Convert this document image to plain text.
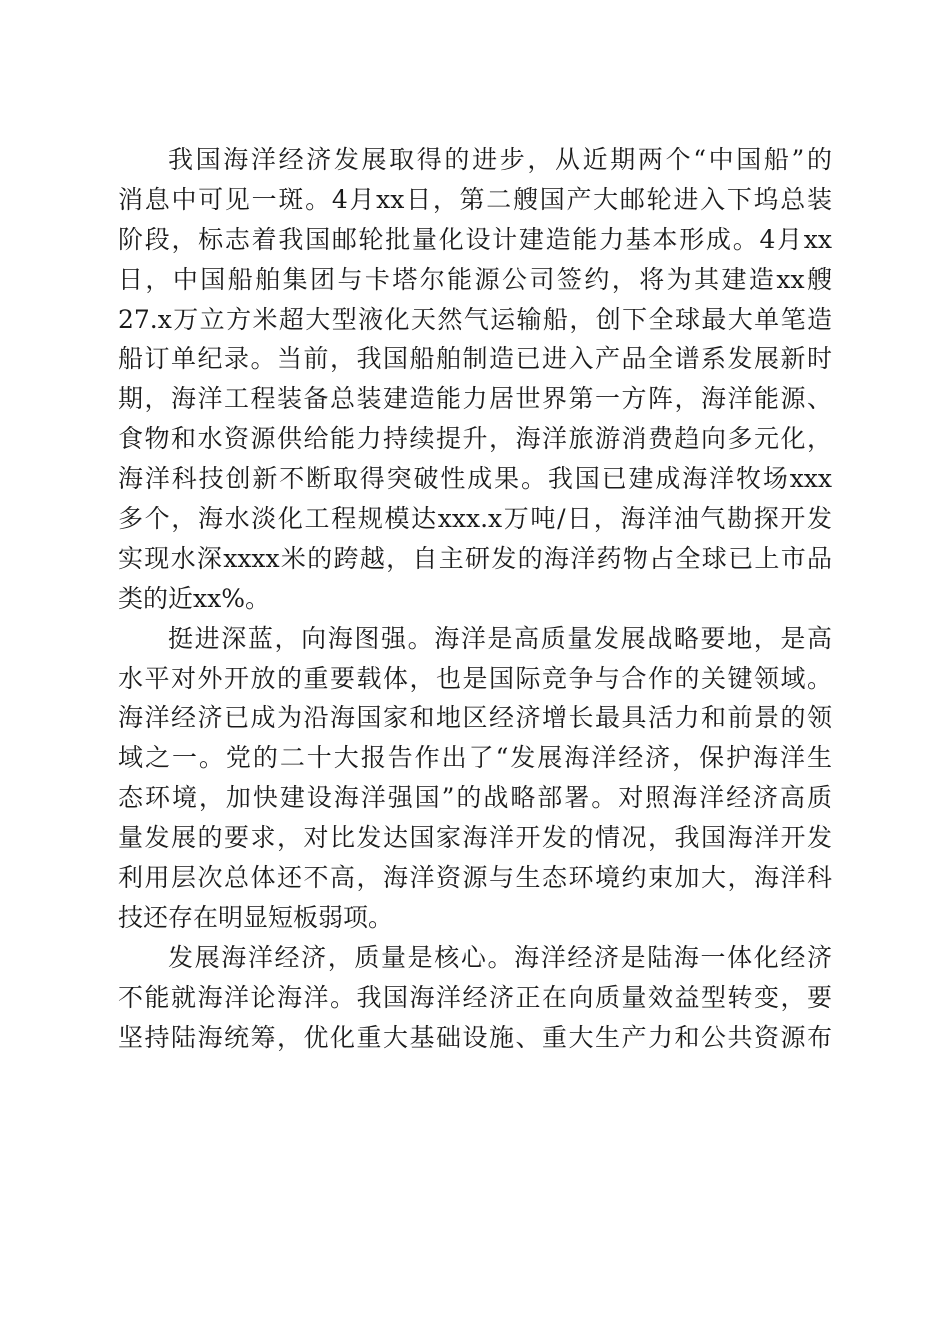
我国海洋经济发展取得的进步，从近期两个“中国船”的
消息中可见一斑。4月xx日，第二艘国产大邮轮进入下坞总装
阶段，标志着我国邮轮批量化设计建造能力基本形成。4月xx
日，中国船舶集团与卡塔尔能源公司签约，将为其建造xx艘
27.x万立方米超大型液化天然气运输船，创下全球最大单笔造
船订单纪录。当前，我国船舶制造已进入产品全谱系发展新时
期，海洋工程装备总装建造能力居世界第一方阵，海洋能源、
食物和水资源供给能力持续提升，海洋旅游消费趋向多元化，
海洋科技创新不断取得突破性成果。我国已建成海洋牧场xxx
多个，海水淡化工程规模达xxx.x万吨/日，海洋油气勘探开发
实现水深xxxx米的跨越，自主研发的海洋药物占全球已上市品
类的近xx%。
挺进深蓝，向海图强。海洋是高质量发展战略要地，是高
水平对外开放的重要载体，也是国际竞争与合作的关键领域。
海洋经济已成为沿海国家和地区经济增长最具活力和前景的领
域之一。党的二十大报告作出了“发展海洋经济，保护海洋生
态环境，加快建设海洋强国”的战略部署。对照海洋经济高质
量发展的要求，对比发达国家海洋开发的情况，我国海洋开发
利用层次总体还不高，海洋资源与生态环境约束加大，海洋科
技还存在明显短板弱项。
发展海洋经济，质量是核心。海洋经济是陆海一体化经济
不能就海洋论海洋。我国海洋经济正在向质量效益型转变，要
坚持陆海统筹，优化重大基础设施、重大生产力和公共资源布
